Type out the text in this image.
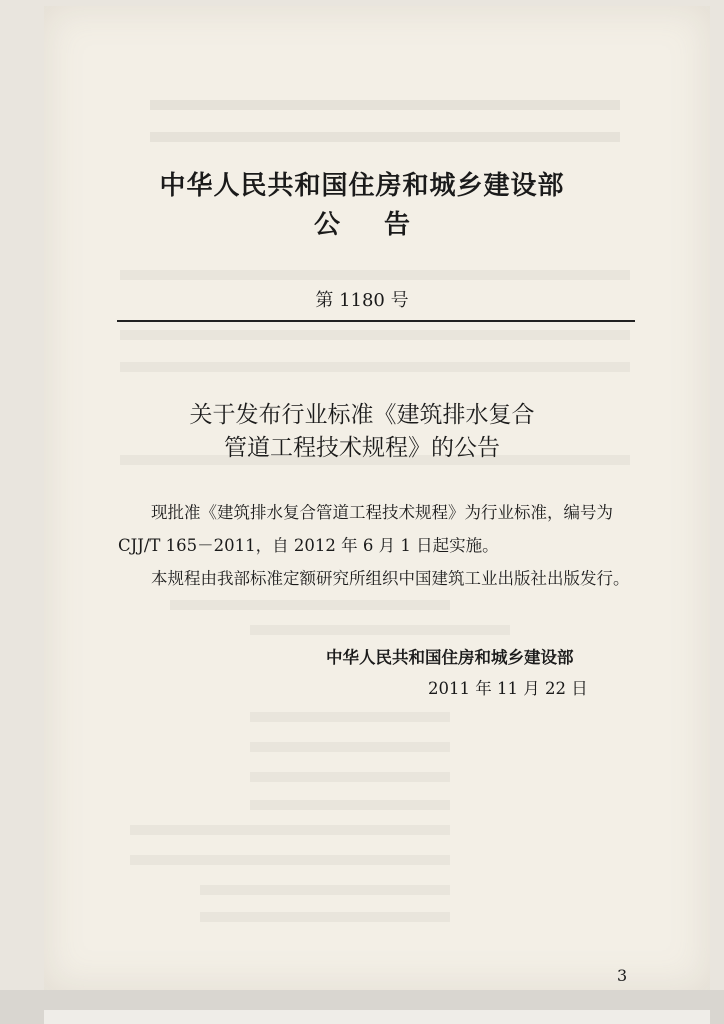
中华人民共和国住房和城乡建设部
公告
第 1180 号
关于发布行业标准《建筑排水复合
管道工程技术规程》的公告
现批准《建筑排水复合管道工程技术规程》为行业标准，编号为 CJJ/T 165－2011，自 2012 年 6 月 1 日起实施。
本规程由我部标准定额研究所组织中国建筑工业出版社出版发行。
中华人民共和国住房和城乡建设部
2011 年 11 月 22 日
3
